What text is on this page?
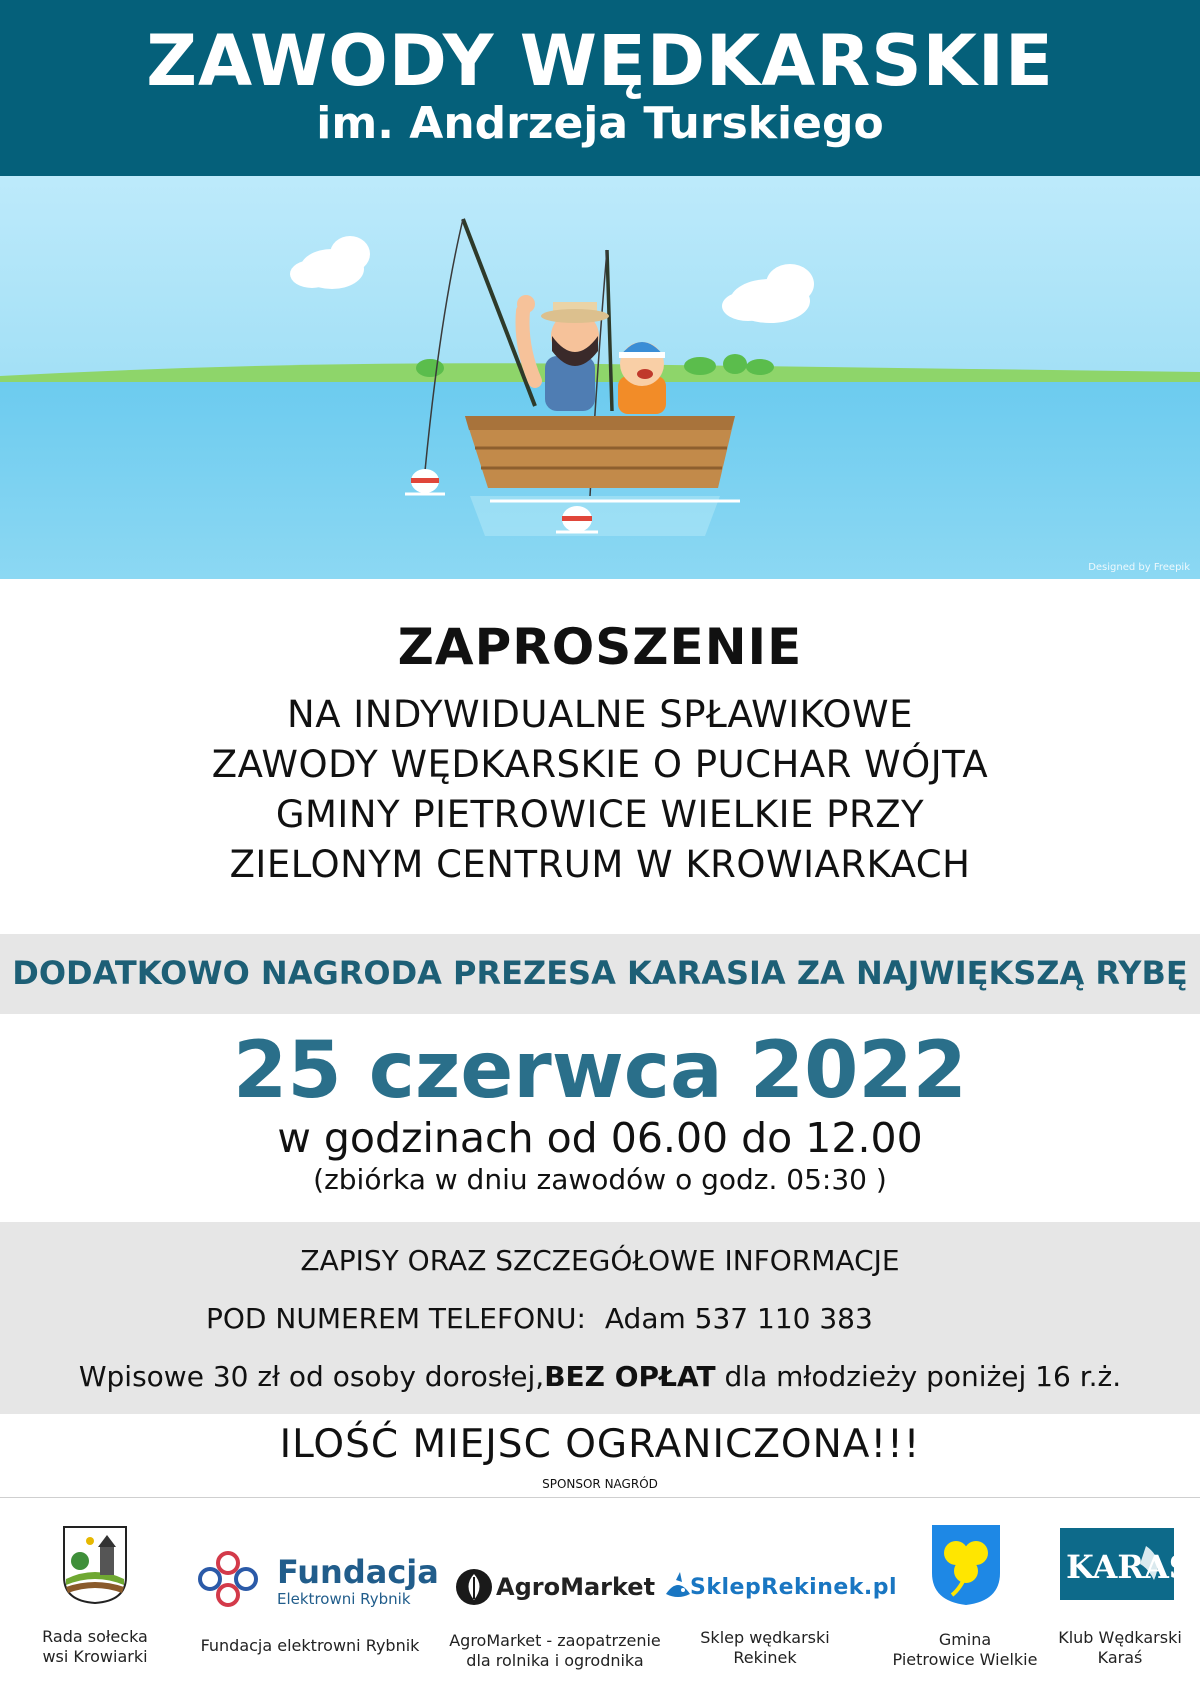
ZAWODY WĘDKARSKIE
im. Andrzeja Turskiego
Designed by Freepik
ZAPROSZENIE
NA INDYWIDUALNE SPŁAWIKOWE
ZAWODY WĘDKARSKIE O PUCHAR WÓJTA
GMINY PIETROWICE WIELKIE PRZY
ZIELONYM CENTRUM W KROWIARKACH
DODATKOWO NAGRODA PREZESA KARASIA ZA NAJWIĘKSZĄ RYBĘ
25 czerwca 2022
w godzinach od 06.00 do 12.00
(zbiórka w dniu zawodów o godz. 05:30 )
ZAPISY ORAZ SZCZEGÓŁOWE INFORMACJE
POD NUMEREM TELEFONU: Adam 537 110 383
Wpisowe 30 zł od osoby dorosłej,BEZ OPŁAT dla młodzieży poniżej 16 r.ż.
ILOŚĆ MIEJSC OGRANICZONA!!!
SPONSOR NAGRÓD
Rada sołecka
wsi Krowiarki
Fundacja
Elektrowni Rybnik
Fundacja elektrowni Rybnik
AgroMarket
AgroMarket - zaopatrzenie
dla rolnika i ogrodnika
SklepRekinek.pl
Sklep wędkarski
Rekinek
Gmina
Pietrowice Wielkie
KARAS
Klub Wędkarski
Karaś
